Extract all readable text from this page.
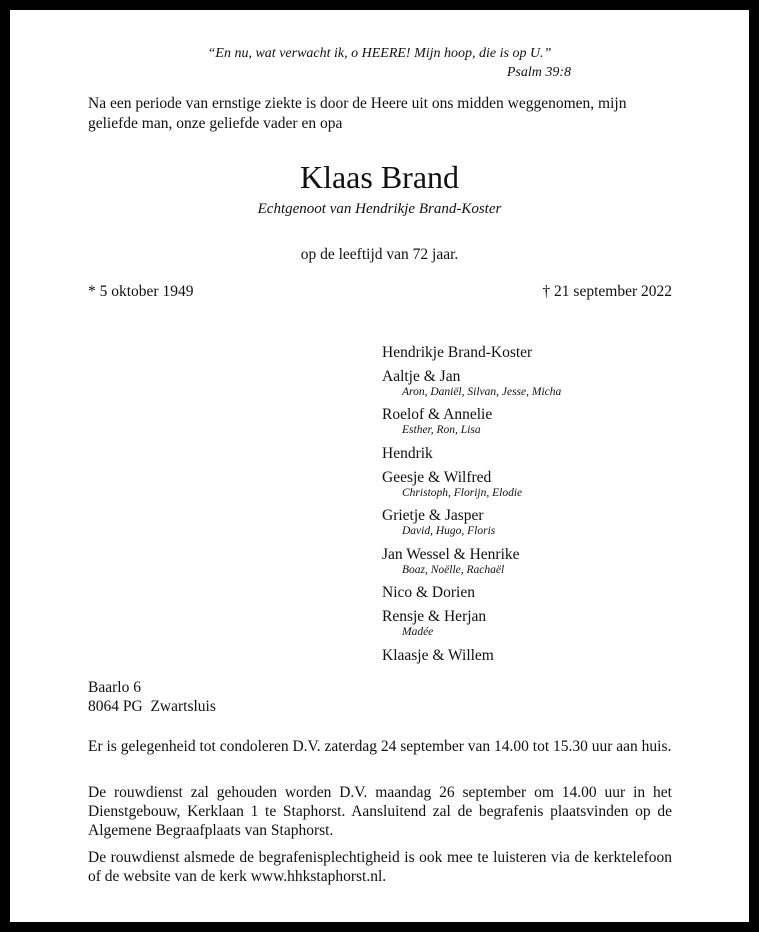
“En nu, wat verwacht ik, o HEERE! Mijn hoop, die is op U.”
Psalm 39:8
Na een periode van ernstige ziekte is door de Heere uit ons midden weggenomen, mijn geliefde man, onze geliefde vader en opa
Klaas Brand
Echtgenoot van Hendrikje Brand-Koster
op de leeftijd van 72 jaar.
* 5 oktober 1949	† 21 september 2022
Hendrikje Brand-Koster
Aaltje & Jan
Aron, Daniël, Silvan, Jesse, Micha
Roelof & Annelie
Esther, Ron, Lisa
Hendrik
Geesje & Wilfred
Christoph, Florijn, Elodie
Grietje & Jasper
David, Hugo, Floris
Jan Wessel & Henrike
Boaz, Noëlle, Rachaël
Nico & Dorien
Rensje & Herjan
Madée
Klaasje & Willem
Baarlo 6
8064 PG  Zwartsluis
Er is gelegenheid tot condoleren D.V. zaterdag 24 september van 14.00 tot 15.30 uur aan huis.
De rouwdienst zal gehouden worden D.V. maandag 26 september om 14.00 uur in het Dienstgebouw, Kerklaan 1 te Staphorst. Aansluitend zal de begrafenis plaatsvinden op de Algemene Begraafplaats van Staphorst.
De rouwdienst alsmede de begrafenisplechtigheid is ook mee te luisteren via de kerktelefoon of de website van de kerk www.hhkstaphorst.nl.
